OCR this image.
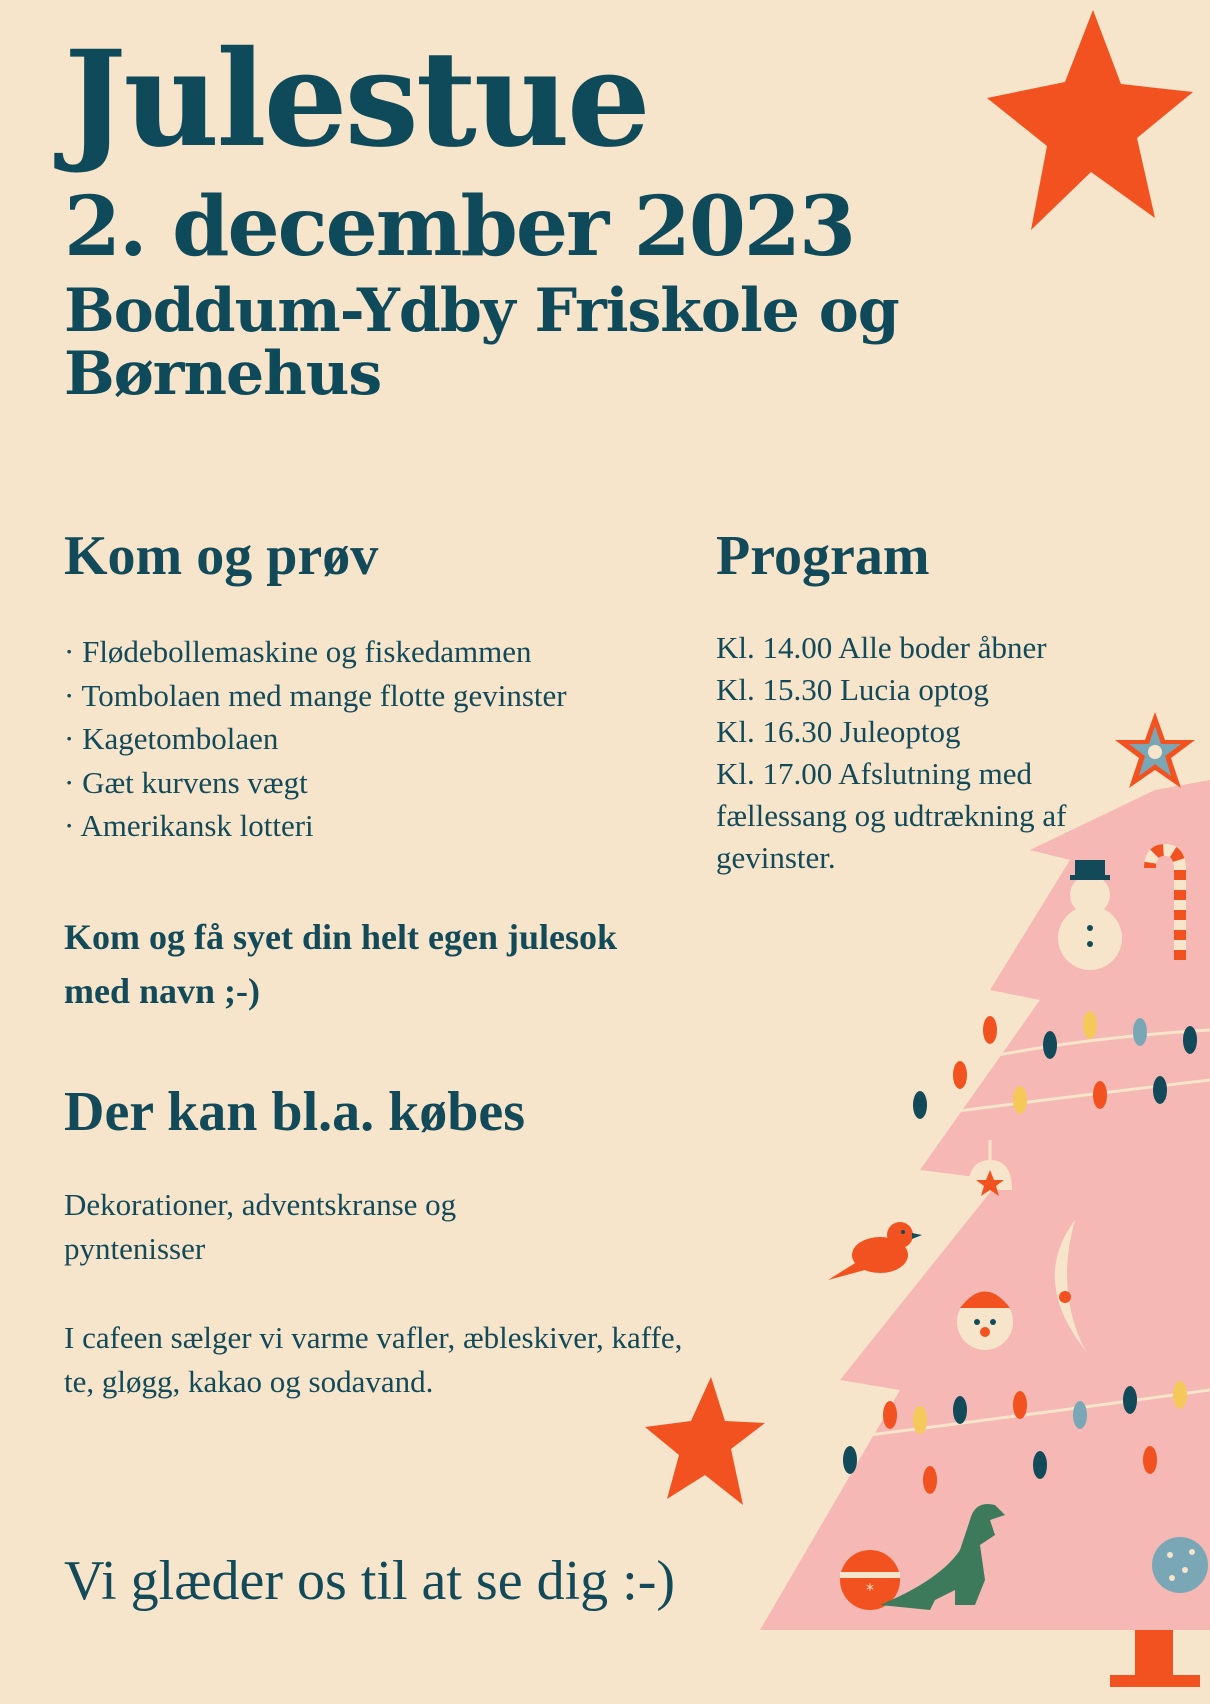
Julestue
2. december 2023
Boddum-Ydby Friskole og
Børnehus
Kom og prøv
· Flødebollemaskine og fiskedammen
· Tombolaen med mange flotte gevinster
· Kagetombolaen
· Gæt kurvens vægt
· Amerikansk lotteri
Kom og få syet din helt egen julesok med navn ;-)
Der kan bl.a. købes

Dekorationer, adventskranse og pyntenisser

I cafeen sælger vi varme vafler, æbleskiver, kaffe, te, gløgg, kakao og sodavand.

Vi glæder os til at se dig :-)
Program
Kl. 14.00 Alle boder åbner
Kl. 15.30 Lucia optog
Kl. 16.30 Juleoptog
Kl. 17.00 Afslutning med fællessang og udtrækning af gevinster.
*
